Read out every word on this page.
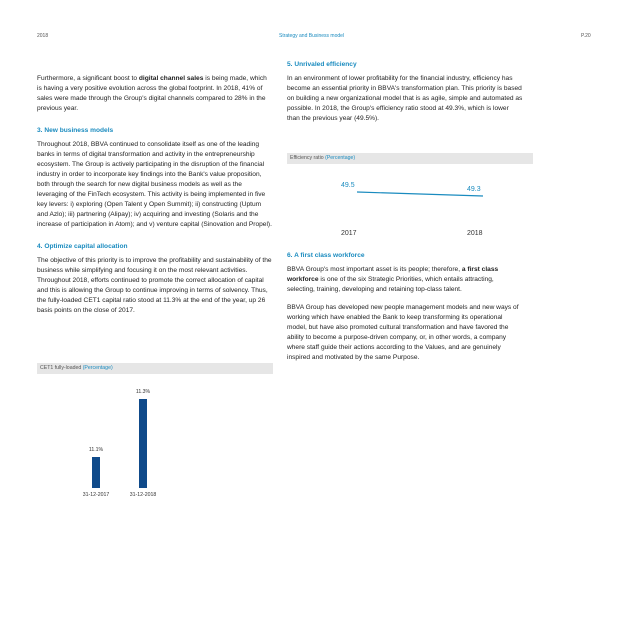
2018	Strategy and Business model	P.20

Furthermore, a significant boost to digital channel sales is being made, which is having a very positive evolution across the global footprint. In 2018, 41% of sales were made through the Group's digital channels compared to 28% in the previous year.

3. New business models

Throughout 2018, BBVA continued to consolidate itself as one of the leading banks in terms of digital transformation and activity in the entrepreneurship ecosystem. The Group is actively participating in the disruption of the financial industry in order to incorporate key findings into the Bank's value proposition, both through the search for new digital business models as well as the leveraging of the FinTech ecosystem. This activity is being implemented in five key levers: i) exploring (Open Talent y Open Summit); ii) constructing (Uptum and Azlo); iii) partnering (Alipay); iv) acquiring and investing (Solaris and the increase of participation in Atom); and v) venture capital (Sinovation and Propel).

4. Optimize capital allocation

The objective of this priority is to improve the profitability and sustainability of the business while simplifying and focusing it on the most relevant activities. Throughout 2018, efforts continued to promote the correct allocation of capital and this is allowing the Group to continue improving in terms of solvency. Thus, the fully-loaded CET1 capital ratio stood at 11.3% at the end of the year, up 26 basis points on the close of 2017.

5. Unrivaled efficiency

In an environment of lower profitability for the financial industry, efficiency has become an essential priority in BBVA's transformation plan. This priority is based on building a new organizational model that is as agile, simple and automated as possible. In 2018, the Group's efficiency ratio stood at 49.3%, which is lower than the previous year (49.5%).

6. A first class workforce

BBVA Group's most important asset is its people; therefore, a first class workforce is one of the six Strategic Priorities, which entails attracting, selecting, training, developing and retaining top-class talent.

BBVA Group has developed new people management models and new ways of working which have enabled the Bank to keep transforming its operational model, but have also promoted cultural transformation and have favored the ability to become a purpose-driven company, or, in other words, a company where staff guide their actions according to the Values, and are genuinely inspired and motivated by the same Purpose.

Efficiency ratio (Percentage)
49.5
2017
49.3
2018
CET1 fully-loaded (Percentage)
11.1%
31-12-2017
11.3%
31-12-2018
